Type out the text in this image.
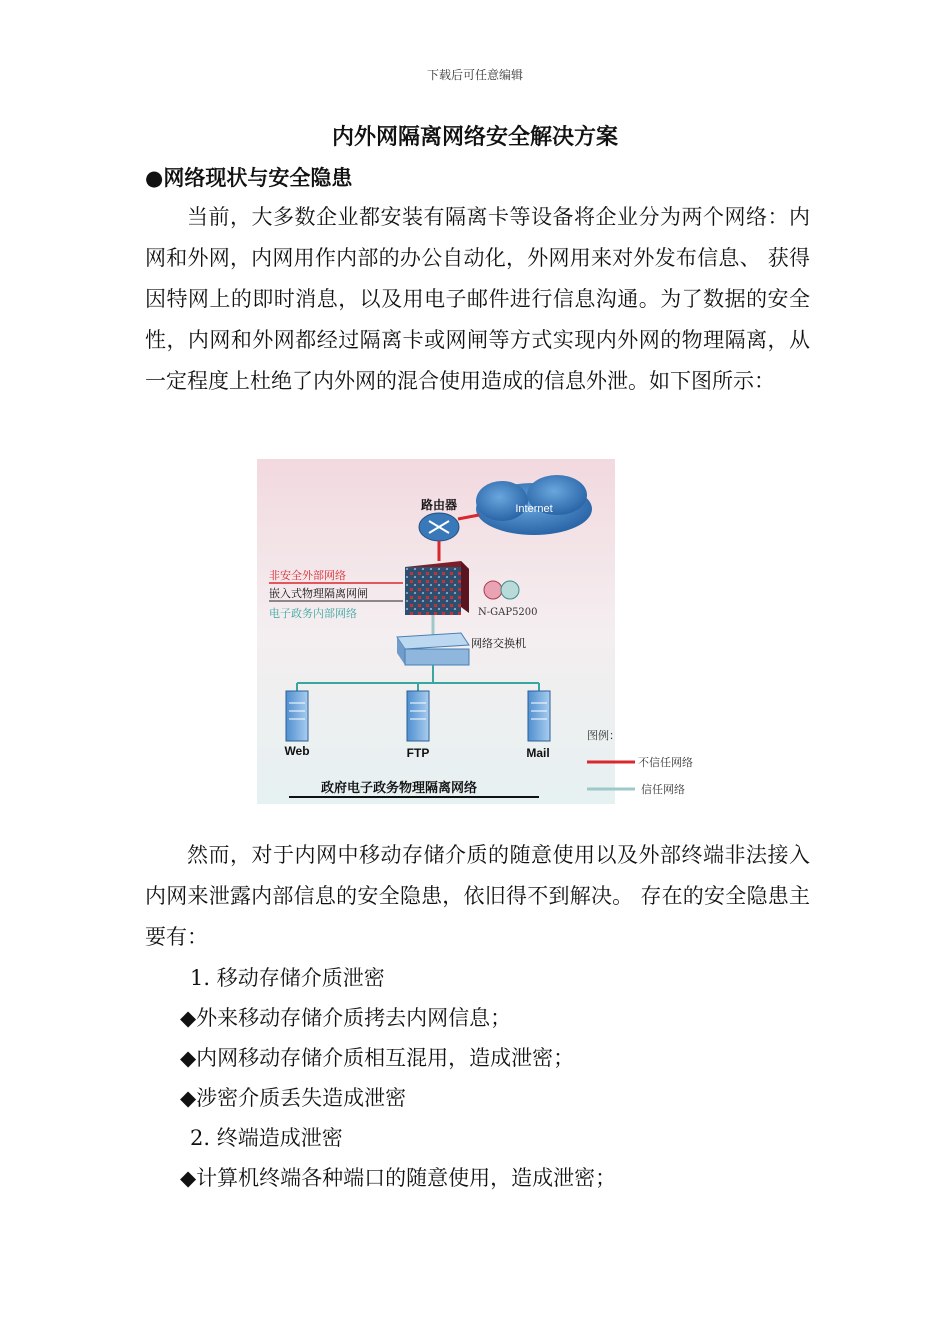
下载后可任意编辑
内外网隔离网络安全解决方案
●网络现状与安全隐患

当前，大多数企业都安装有隔离卡等设备将企业分为两个网络：内网和外网，内网用作内部的办公自动化，外网用来对外发布信息、 获得因特网上的即时消息，以及用电子邮件进行信息沟通。为了数据的安全性，内网和外网都经过隔离卡或网闸等方式实现内外网的物理隔离，从一定程度上杜绝了内外网的混合使用造成的信息外泄。如下图所示：

Internet
路由器
非安全外部网络
嵌入式物理隔离网闸
电子政务内部网络	N-GAP5200
网络交换机
Web	FTP	Mail
政府电子政务物理隔离网络
图例：
不信任网络
信任网络

然而，对于内网中移动存储介质的随意使用以及外部终端非法接入内网来泄露内部信息的安全隐患，依旧得不到解决。 存在的安全隐患主要有：

1. 移动存储介质泄密
◆外来移动存储介质拷去内网信息；
◆内网移动存储介质相互混用，造成泄密；
◆涉密介质丢失造成泄密
2. 终端造成泄密
◆计算机终端各种端口的随意使用，造成泄密；
